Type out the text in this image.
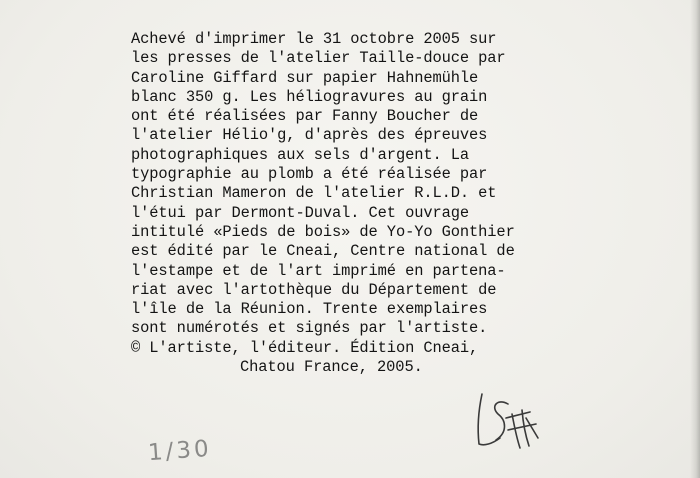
Achevé d'imprimer le 31 octobre 2005 sur
les presses de l'atelier Taille-douce par
Caroline Giffard sur papier Hahnemühle
blanc 350 g. Les héliogravures au grain
ont été réalisées par Fanny Boucher de
l'atelier Hélio'g, d'après des épreuves
photographiques aux sels d'argent. La
typographie au plomb a été réalisée par
Christian Mameron de l'atelier R.L.D. et
l'étui par Dermont-Duval. Cet ouvrage
intitulé «Pieds de bois» de Yo-Yo Gonthier
est édité par le Cneai, Centre national de
l'estampe et de l'art imprimé en partena-
riat avec l'artothèque du Département de
l'île de la Réunion. Trente exemplaires
sont numérotés et signés par l'artiste.
© L'artiste, l'éditeur. Édition Cneai,
Chatou France, 2005.
1/30
